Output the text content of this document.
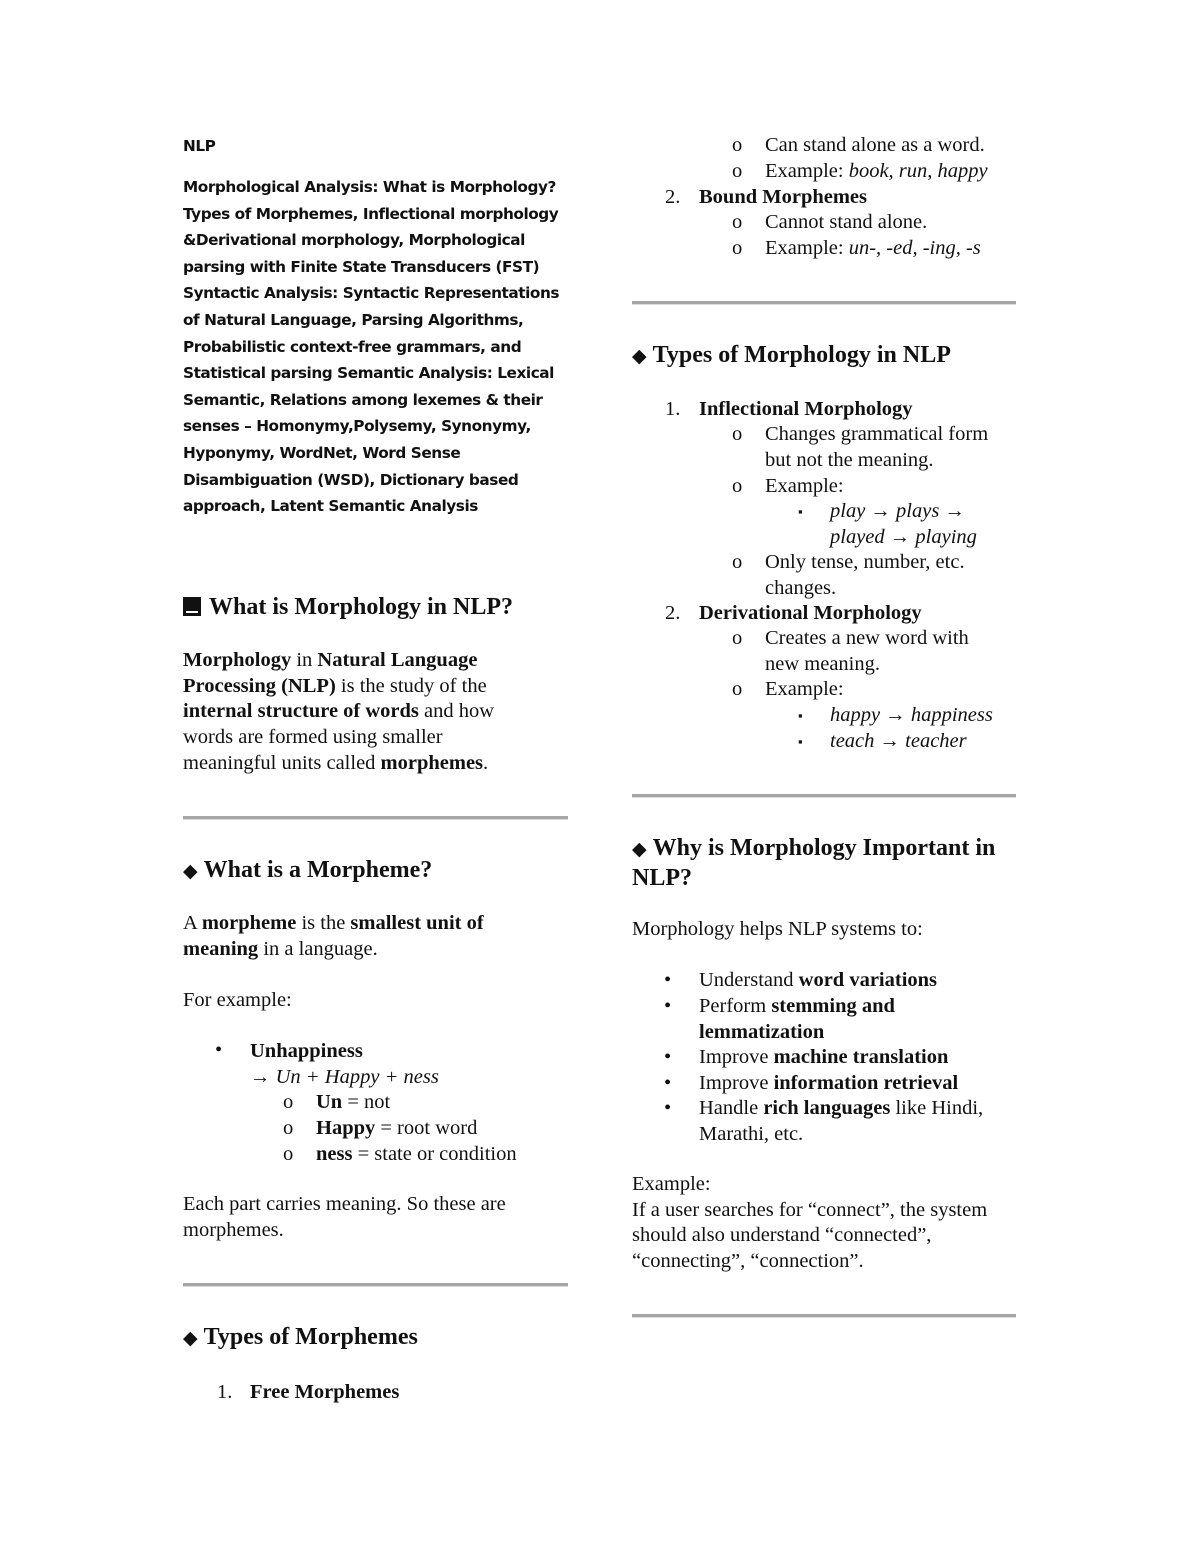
NLP
Morphological Analysis: What is Morphology?
Types of Morphemes, Inflectional morphology
&Derivational morphology, Morphological
parsing with Finite State Transducers (FST)
Syntactic Analysis: Syntactic Representations
of Natural Language, Parsing Algorithms,
Probabilistic context-free grammars, and
Statistical parsing Semantic Analysis: Lexical
Semantic, Relations among lexemes & their
senses – Homonymy,Polysemy, Synonymy,
Hyponymy, WordNet, Word Sense
Disambiguation (WSD), Dictionary based
approach, Latent Semantic Analysis
What is Morphology in NLP?
Morphology in Natural Language
Processing (NLP) is the study of the
internal structure of words and how
words are formed using smaller
meaningful units called morphemes.
◆ What is a Morpheme?
A morpheme is the smallest unit of
meaning in a language.
For example:
• Unhappiness
→ Un + Happy + ness
o Un = not
o Happy = root word
o ness = state or condition
Each part carries meaning. So these are
morphemes.
◆ Types of Morphemes
1. Free Morphemes
o Can stand alone as a word.
o Example: book, run, happy
2. Bound Morphemes
o Cannot stand alone.
o Example: un-, -ed, -ing, -s
◆ Types of Morphology in NLP
1. Inflectional Morphology
o Changes grammatical form
but not the meaning.
o Example:
▪ play → plays →
played → playing
o Only tense, number, etc.
changes.
2. Derivational Morphology
o Creates a new word with
new meaning.
o Example:
▪ happy → happiness
▪ teach → teacher
◆ Why is Morphology Important in
NLP?
Morphology helps NLP systems to:
• Understand word variations
• Perform stemming and
lemmatization
• Improve machine translation
• Improve information retrieval
• Handle rich languages like Hindi,
Marathi, etc.
Example:
If a user searches for “connect”, the system
should also understand “connected”,
“connecting”, “connection”.
